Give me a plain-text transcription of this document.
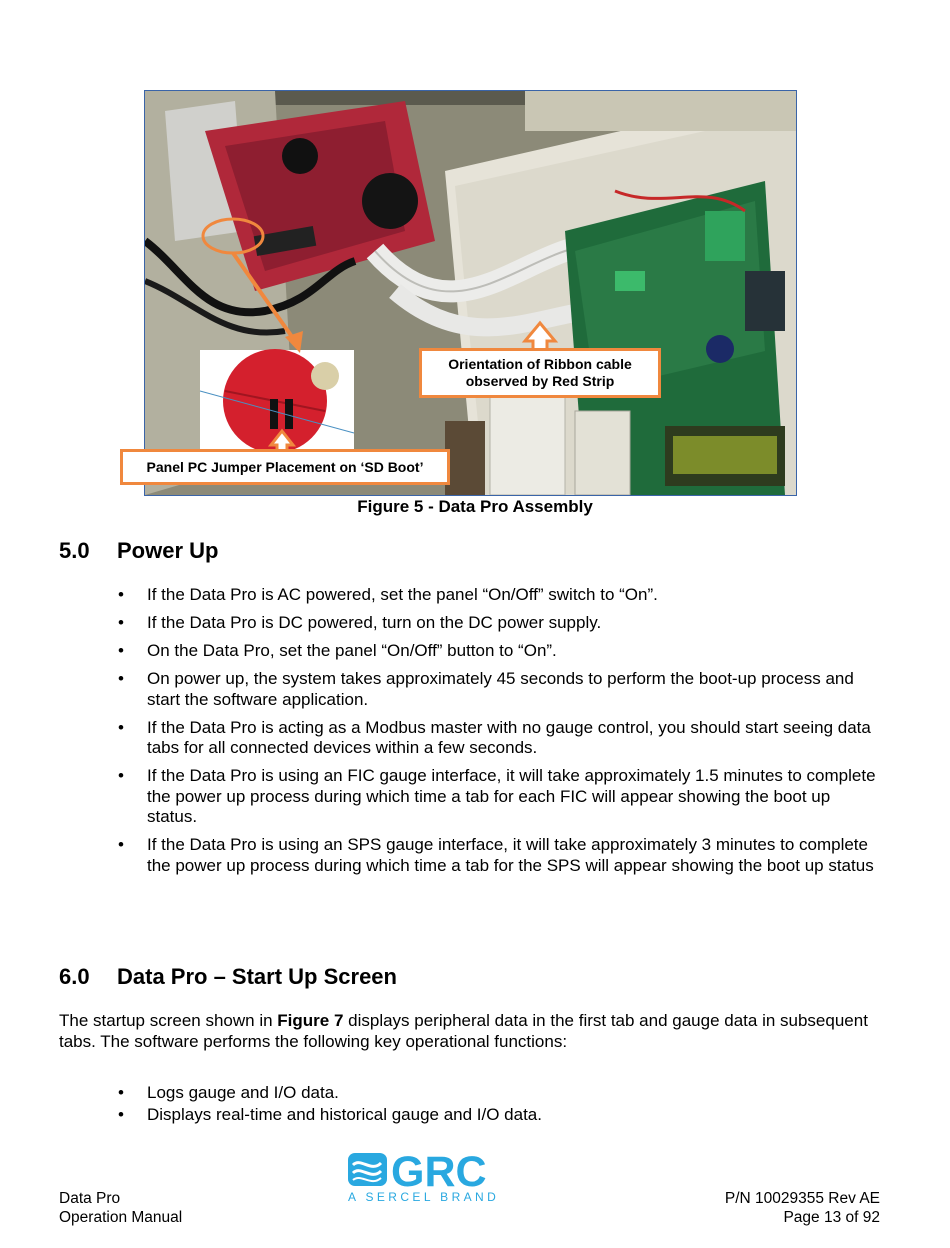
Orientation of Ribbon cable
observed by Red Strip
Panel PC Jumper Placement on ‘SD Boot’
Figure 5 - Data Pro Assembly
5.0 Power Up
• If the Data Pro is AC powered, set the panel “On/Off” switch to “On”.
• If the Data Pro is DC powered, turn on the DC power supply.
• On the Data Pro, set the panel “On/Off” button to “On”.
• On power up, the system takes approximately 45 seconds to perform the boot-up process and start the software application.
• If the Data Pro is acting as a Modbus master with no gauge control, you should start seeing data tabs for all connected devices within a few seconds.
• If the Data Pro is using an FIC gauge interface, it will take approximately 1.5 minutes to complete the power up process during which time a tab for each FIC will appear showing the boot up status.
• If the Data Pro is using an SPS gauge interface, it will take approximately 3 minutes to complete the power up process during which time a tab for the SPS will appear showing the boot up status
6.0 Data Pro – Start Up Screen
The startup screen shown in Figure 7 displays peripheral data in the first tab and gauge data in subsequent tabs. The software performs the following key operational functions:
• Logs gauge and I/O data.
• Displays real-time and historical gauge and I/O data.
Data Pro
Operation Manual
GRC
A SERCEL BRAND	P/N 10029355 Rev AE
Page 13 of 92
